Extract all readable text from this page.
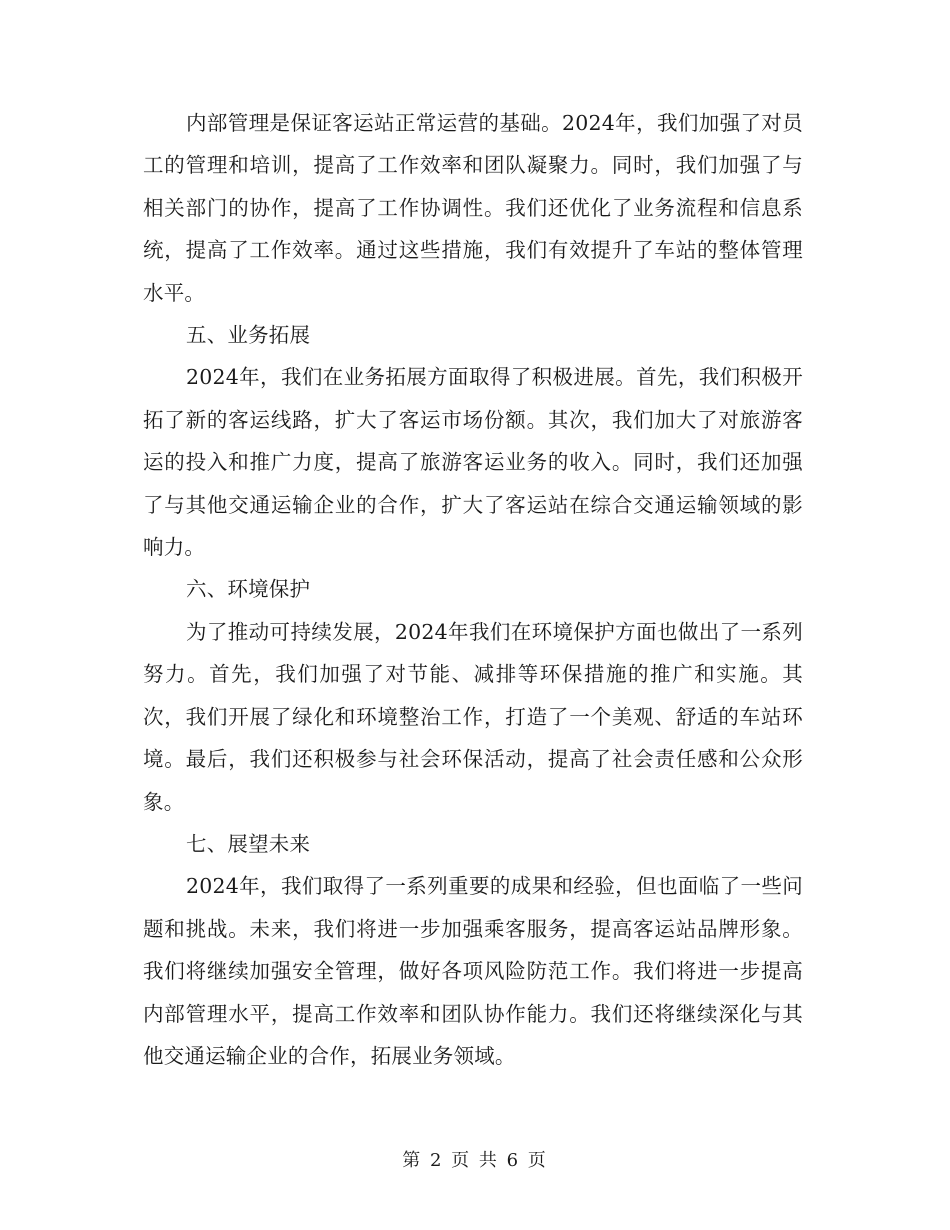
内部管理是保证客运站正常运营的基础。2024年，我们加强了对员工的管理和培训，提高了工作效率和团队凝聚力。同时，我们加强了与相关部门的协作，提高了工作协调性。我们还优化了业务流程和信息系统，提高了工作效率。通过这些措施，我们有效提升了车站的整体管理水平。

五、业务拓展

2024年，我们在业务拓展方面取得了积极进展。首先，我们积极开拓了新的客运线路，扩大了客运市场份额。其次，我们加大了对旅游客运的投入和推广力度，提高了旅游客运业务的收入。同时，我们还加强了与其他交通运输企业的合作，扩大了客运站在综合交通运输领域的影响力。

六、环境保护

为了推动可持续发展，2024年我们在环境保护方面也做出了一系列努力。首先，我们加强了对节能、减排等环保措施的推广和实施。其次，我们开展了绿化和环境整治工作，打造了一个美观、舒适的车站环境。最后，我们还积极参与社会环保活动，提高了社会责任感和公众形象。

七、展望未来

2024年，我们取得了一系列重要的成果和经验，但也面临了一些问题和挑战。未来，我们将进一步加强乘客服务，提高客运站品牌形象。我们将继续加强安全管理，做好各项风险防范工作。我们将进一步提高内部管理水平，提高工作效率和团队协作能力。我们还将继续深化与其他交通运输企业的合作，拓展业务领域。

第 2 页 共 6 页
